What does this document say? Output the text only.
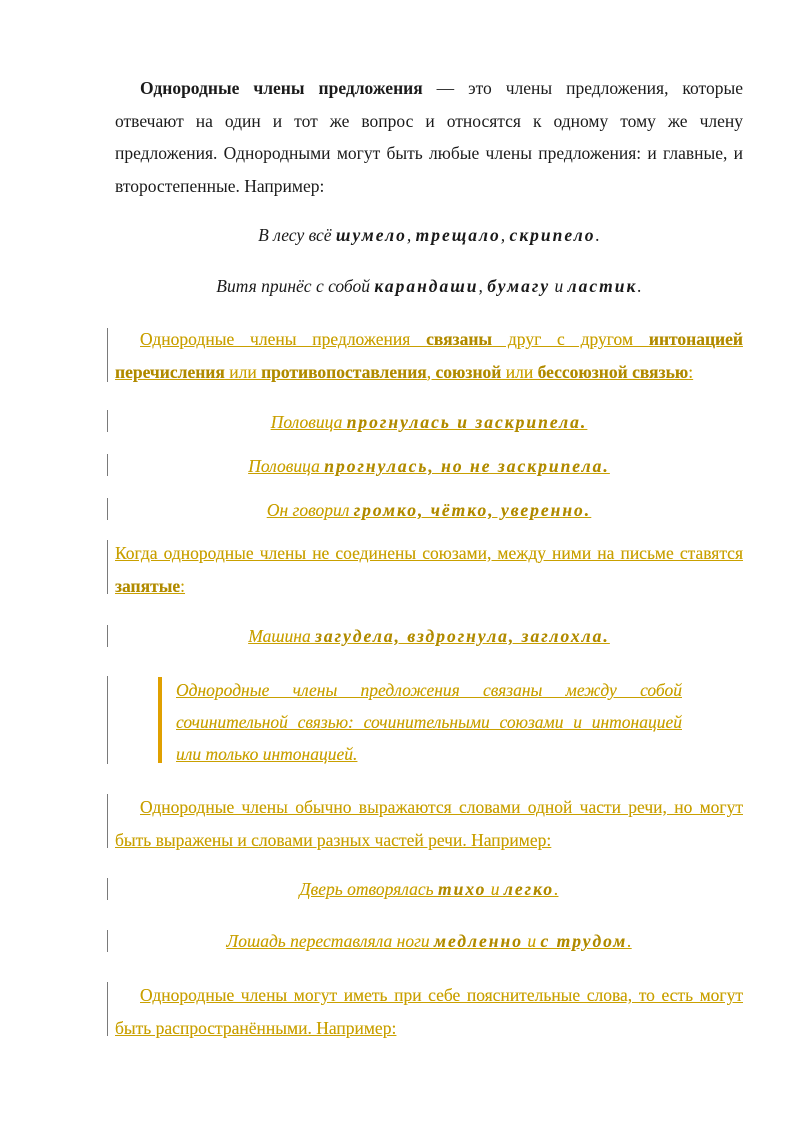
Однородные члены предложения — это члены предложения, которые отвечают на один и тот же вопрос и относятся к одному тому же члену предложения. Однородными могут быть любые члены предложения: и главные, и второстепенные. Например:
В лесу всё шумело, трещало, скрипело.
Витя принёс с собой карандаши, бумагу и ластик.
Однородные члены предложения связаны друг с другом интонацией перечисления или противопоставления, союзной или бессоюзной связью:
Половица прогнулась и заскрипела.
Половица прогнулась, но не заскрипела.
Он говорил громко, чётко, уверенно.
Когда однородные члены не соединены союзами, между ними на письме ставятся запятые:
Машина загудела, вздрогнула, заглохла.
Однородные члены предложения связаны между собой сочинительной связью: сочинительными союзами и интонацией или только интонацией.
Однородные члены обычно выражаются словами одной части речи, но могут быть выражены и словами разных частей речи. Например:
Дверь отворялась тихо и легко.
Лошадь переставляла ноги медленно и с трудом.
Однородные члены могут иметь при себе пояснительные слова, то есть могут быть распространёнными. Например:
